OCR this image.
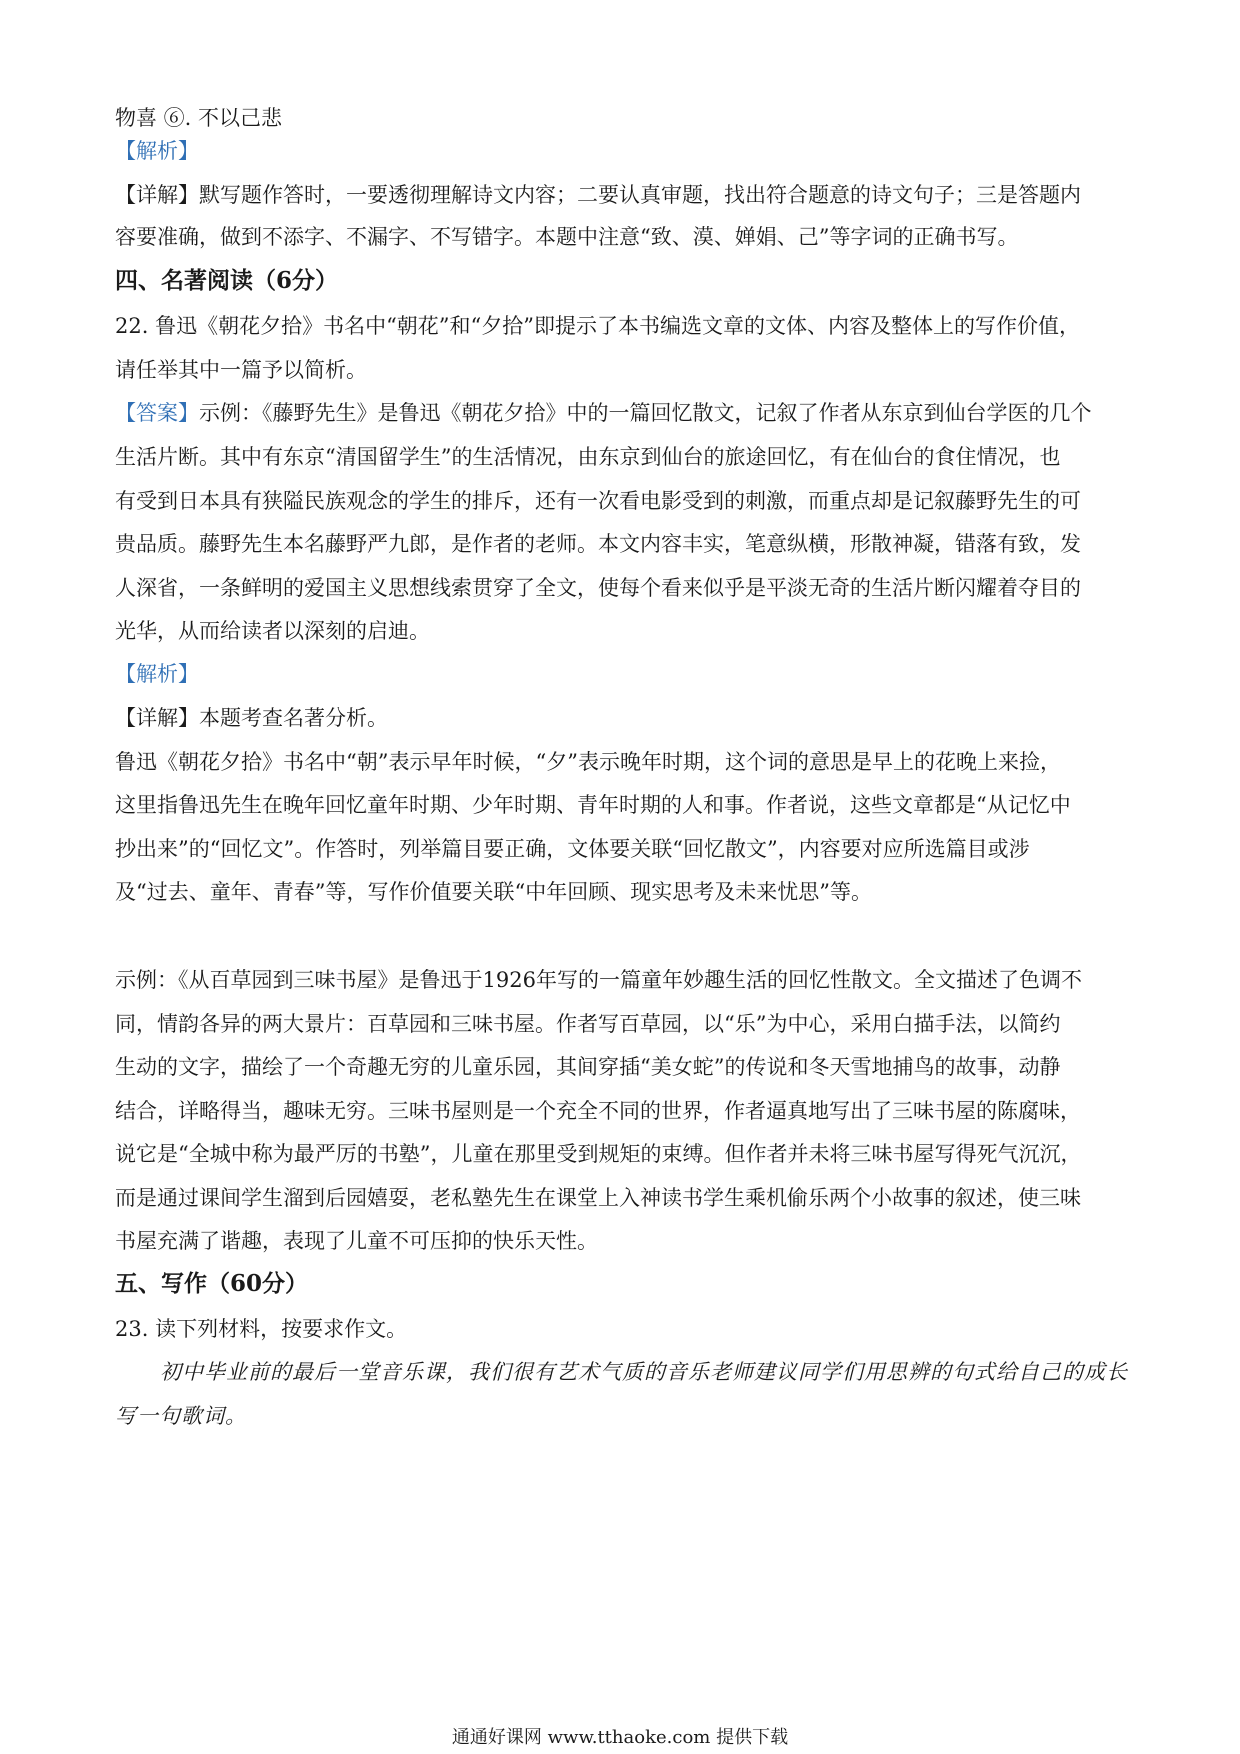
物喜 ⑥. 不以己悲
【解析】
【详解】默写题作答时，一要透彻理解诗文内容；二要认真审题，找出符合题意的诗文句子；三是答题内
容要准确，做到不添字、不漏字、不写错字。本题中注意“致、漠、婵娟、己”等字词的正确书写。
四、名著阅读（6分）
22. 鲁迅《朝花夕拾》书名中“朝花”和“夕拾”即提示了本书编选文章的文体、内容及整体上的写作价值，
请任举其中一篇予以简析。
【答案】示例：《藤野先生》是鲁迅《朝花夕拾》中的一篇回忆散文，记叙了作者从东京到仙台学医的几个
生活片断。其中有东京“清国留学生”的生活情况，由东京到仙台的旅途回忆，有在仙台的食住情况，也
有受到日本具有狭隘民族观念的学生的排斥，还有一次看电影受到的刺激，而重点却是记叙藤野先生的可
贵品质。藤野先生本名藤野严九郎，是作者的老师。本文内容丰实，笔意纵横，形散神凝，错落有致，发
人深省，一条鲜明的爱国主义思想线索贯穿了全文，使每个看来似乎是平淡无奇的生活片断闪耀着夺目的
光华，从而给读者以深刻的启迪。
【解析】
【详解】本题考查名著分析。
鲁迅《朝花夕拾》书名中“朝”表示早年时候，“夕”表示晚年时期，这个词的意思是早上的花晚上来捡，
这里指鲁迅先生在晚年回忆童年时期、少年时期、青年时期的人和事。作者说，这些文章都是“从记忆中
抄出来”的“回忆文”。作答时，列举篇目要正确，文体要关联“回忆散文”，内容要对应所选篇目或涉
及“过去、童年、青春”等，写作价值要关联“中年回顾、现实思考及未来忧思”等。
示例：《从百草园到三味书屋》是鲁迅于1926年写的一篇童年妙趣生活的回忆性散文。全文描述了色调不
同，情韵各异的两大景片：百草园和三味书屋。作者写百草园，以“乐”为中心，采用白描手法，以简约
生动的文字，描绘了一个奇趣无穷的儿童乐园，其间穿插“美女蛇”的传说和冬天雪地捕鸟的故事，动静
结合，详略得当，趣味无穷。三味书屋则是一个充全不同的世界，作者逼真地写出了三味书屋的陈腐味，
说它是“全城中称为最严厉的书塾”，儿童在那里受到规矩的束缚。但作者并未将三味书屋写得死气沉沉，
而是通过课间学生溜到后园嬉耍，老私塾先生在课堂上入神读书学生乘机偷乐两个小故事的叙述，使三味
书屋充满了谐趣，表现了儿童不可压抑的快乐天性。
五、写作（60分）
23. 读下列材料，按要求作文。
初中毕业前的最后一堂音乐课，我们很有艺术气质的音乐老师建议同学们用思辨的句式给自己的成长
写一句歌词。
通通好课网 www.tthaoke.com 提供下载
